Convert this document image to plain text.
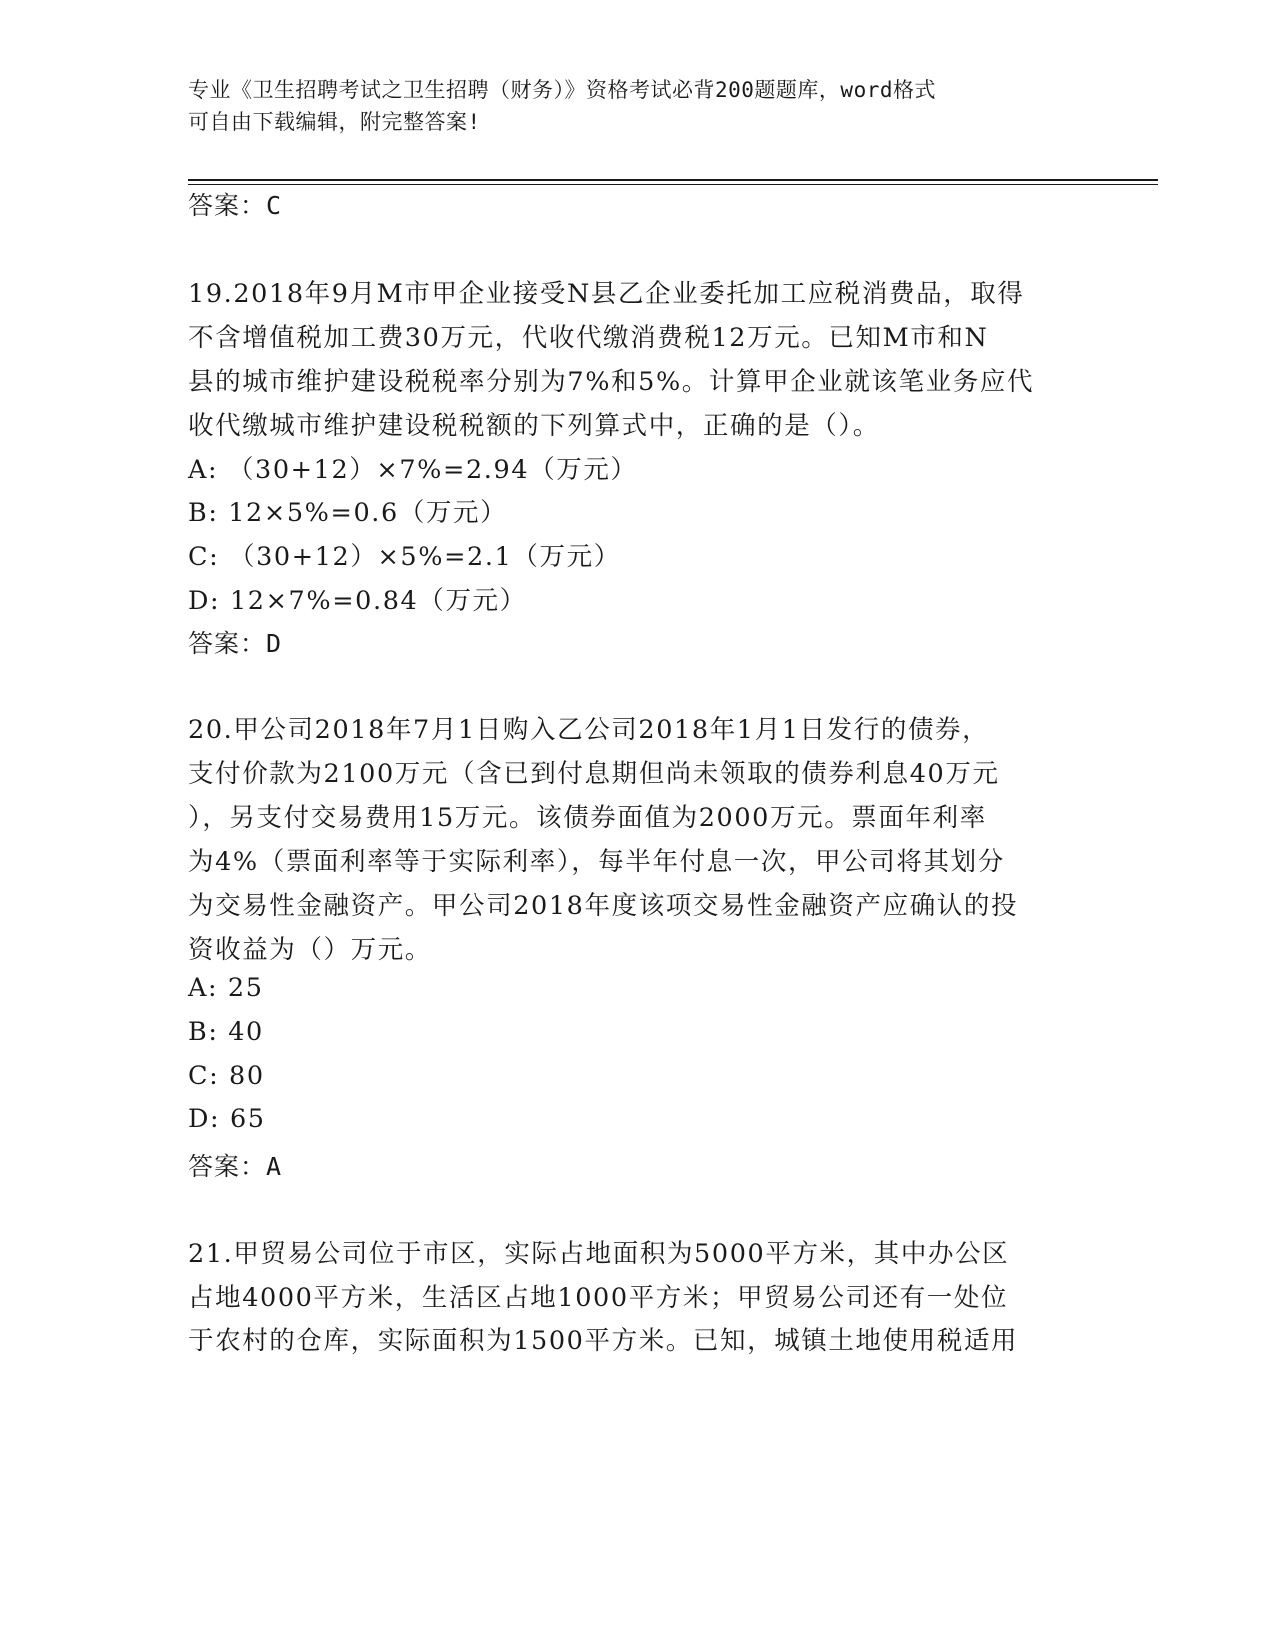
专业《卫生招聘考试之卫生招聘（财务）》资格考试必背200题题库，word格式
可自由下载编辑，附完整答案!
答案：C
19.2018年9月M市甲企业接受N县乙企业委托加工应税消费品，取得
不含增值税加工费30万元，代收代缴消费税12万元。已知M市和N
县的城市维护建设税税率分别为7%和5%。计算甲企业就该笔业务应代
收代缴城市维护建设税税额的下列算式中，正确的是（）。
A: （30+12）×7%=2.94（万元）
B: 12×5%=0.6（万元）
C: （30+12）×5%=2.1（万元）
D: 12×7%=0.84（万元）
答案：D
20.甲公司2018年7月1日购入乙公司2018年1月1日发行的债券，
支付价款为2100万元（含已到付息期但尚未领取的债券利息40万元
），另支付交易费用15万元。该债券面值为2000万元。票面年利率
为4%（票面利率等于实际利率），每半年付息一次，甲公司将其划分
为交易性金融资产。甲公司2018年度该项交易性金融资产应确认的投
资收益为（）万元。
A: 25
B: 40
C: 80
D: 65
答案：A
21.甲贸易公司位于市区，实际占地面积为5000平方米，其中办公区
占地4000平方米，生活区占地1000平方米；甲贸易公司还有一处位
于农村的仓库，实际面积为1500平方米。已知，城镇土地使用税适用
